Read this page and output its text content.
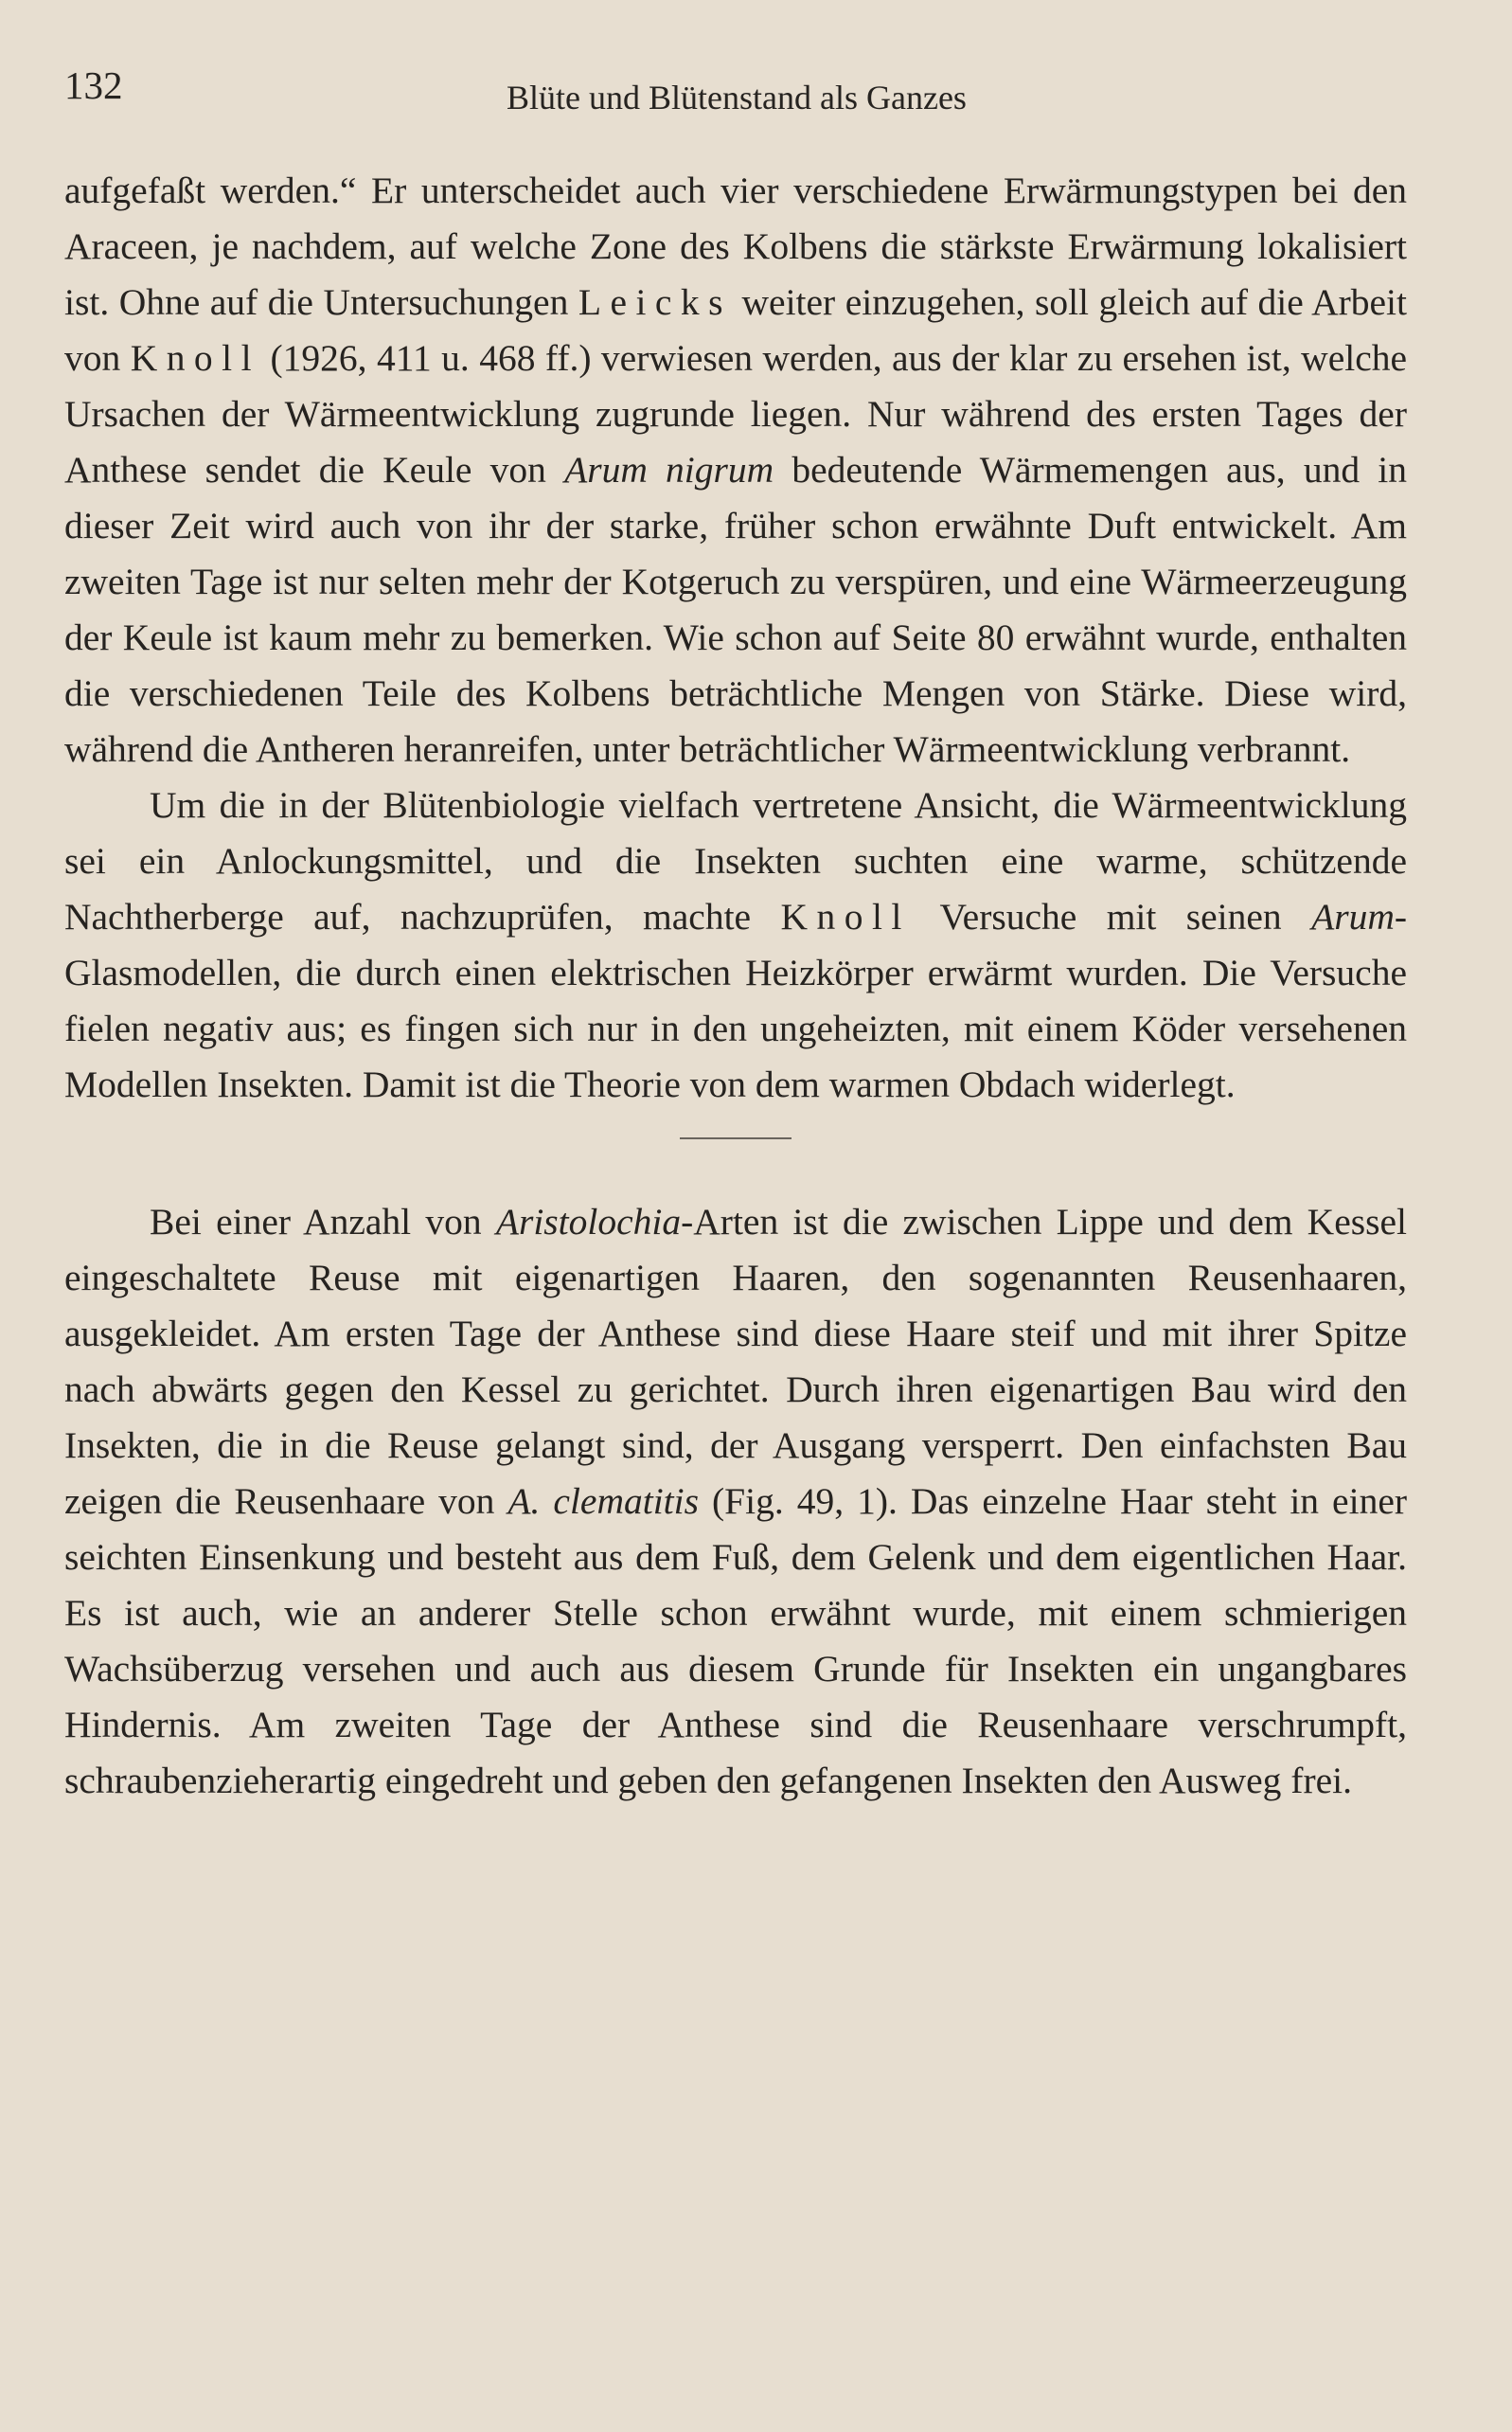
132	Blüte und Blütenstand als Ganzes

aufgefaßt werden.“ Er unterscheidet auch vier verschiedene Erwärmungstypen bei den Araceen, je nachdem, auf welche Zone des Kolbens die stärkste Erwärmung lokalisiert ist. Ohne auf die Untersuchungen Leicks weiter einzugehen, soll gleich auf die Arbeit von Knoll (1926, 411 u. 468 ff.) verwiesen werden, aus der klar zu ersehen ist, welche Ursachen der Wärmeentwicklung zugrunde liegen. Nur während des ersten Tages der Anthese sendet die Keule von Arum nigrum bedeutende Wärmemengen aus, und in dieser Zeit wird auch von ihr der starke, früher schon erwähnte Duft entwickelt. Am zweiten Tage ist nur selten mehr der Kotgeruch zu verspüren, und eine Wärmeerzeugung der Keule ist kaum mehr zu bemerken. Wie schon auf Seite 80 erwähnt wurde, enthalten die verschiedenen Teile des Kolbens beträchtliche Mengen von Stärke. Diese wird, während die Antheren heranreifen, unter beträchtlicher Wärmeentwicklung verbrannt.

Um die in der Blütenbiologie vielfach vertretene Ansicht, die Wärmeentwicklung sei ein Anlockungsmittel, und die Insekten suchten eine warme, schützende Nachtherberge auf, nachzuprüfen, machte Knoll Versuche mit seinen Arum-Glasmodellen, die durch einen elektrischen Heizkörper erwärmt wurden. Die Versuche fielen negativ aus; es fingen sich nur in den ungeheizten, mit einem Köder versehenen Modellen Insekten. Damit ist die Theorie von dem warmen Obdach widerlegt.

Bei einer Anzahl von Aristolochia-Arten ist die zwischen Lippe und dem Kessel eingeschaltete Reuse mit eigenartigen Haaren, den sogenannten Reusenhaaren, ausgekleidet. Am ersten Tage der Anthese sind diese Haare steif und mit ihrer Spitze nach abwärts gegen den Kessel zu gerichtet. Durch ihren eigenartigen Bau wird den Insekten, die in die Reuse gelangt sind, der Ausgang versperrt. Den einfachsten Bau zeigen die Reusenhaare von A. clematitis (Fig. 49, 1). Das einzelne Haar steht in einer seichten Einsenkung und besteht aus dem Fuß, dem Gelenk und dem eigentlichen Haar. Es ist auch, wie an anderer Stelle schon erwähnt wurde, mit einem schmierigen Wachsüberzug versehen und auch aus diesem Grunde für Insekten ein ungangbares Hindernis. Am zweiten Tage der Anthese sind die Reusenhaare verschrumpft, schraubenzieherartig eingedreht und geben den gefangenen Insekten den Ausweg frei.
